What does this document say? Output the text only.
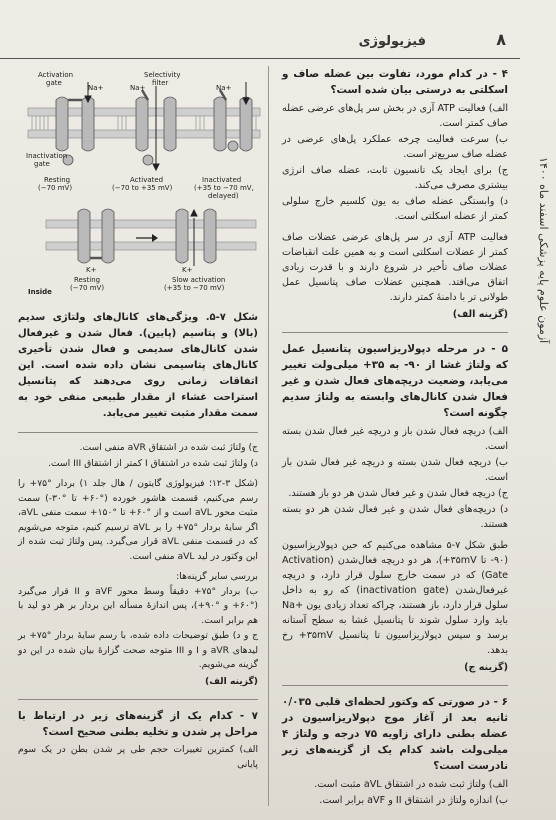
۸
فیزیولوژی
آزمون علوم پایه پزشکی اسفند ماه ۱۴۰۰
Activation gate
Na+
Selectivity filter
Na+	Na+
Inactivation gate
Resting (−70 mV)
Activated (−70 to +35 mV)
Inactivated (+35 to −70 mV, delayed)
K+	K+
Resting (−70 mV)
Slow activation (+35 to −70 mV)
Inside

۴ - در کدام مورد، تفاوت بین عضله صاف و اسکلتی به درستی بیان شده است؟

الف) فعالیت ATP آزی در بخش سر پل‌های عرضی عضله صاف کمتر است.

ب) سرعت فعالیت چرخه عملکرد پل‌های عرضی در عضله صاف سریع‌تر است.

ج) برای ایجاد یک تانسیون ثابت، عضله صاف انرژی بیشتری مصرف می‌کند.

د) وابستگی عضله صاف به یون کلسیم خارج سلولی کمتر از عضله اسکلتی است.

فعالیت ATP آزی در سر پل‌های عرضی عضلات صاف کمتر از عضلات اسکلتی است و به همین علت انقباضات عضلات صاف تأخیر در شروع دارند و با قدرت زیادی اتفاق می‌افتد. همچنین عضلات صاف پتانسیل عمل طولانی تر با دامنهٔ کمتر دارند.

(گزینه الف)

۵ - در مرحله دپولاریزاسیون پتانسیل عمل که ولتاژ غشا از ۹۰- به ۳۵+ میلی‌ولت تغییر می‌یابد، وضعیت دریچه‌های فعال شدن و غیر فعال شدن کانال‌های وابسته به ولتاژ سدیم چگونه است؟

الف) دریچه فعال شدن باز و دریچه غیر فعال شدن بسته است.

ب) دریچه فعال شدن بسته و دریچه غیر فعال شدن باز است.

ج) دریچه فعال شدن و غیر فعال شدن هر دو باز هستند.

د) دریچه‌های فعال شدن و غیر فعال شدن هر دو بسته هستند.

طبق شکل ۷-۵ مشاهده می‌کنیم که حین دپولاریزاسیون (۹۰- تا ۳۵mV+)، هر دو دریچه فعال‌شدن (Activation Gate) که در سمت خارج سلول قرار دارد، و دریچه غیرفعال‌شدن (inactivation gate) که رو به داخل سلول قرار دارد، باز هستند، چراکه تعداد زیادی یون +Na باید وارد سلول شوند تا پتانسیل غشا به سطح آستانه برسد و سپس دپولاریزاسیون تا پتانسیل ۳۵mV+ رخ بدهد.

(گزینه ج)

۶ - در صورتی که وکتور لحظه‌ای قلبی ۰/۰۳۵ ثانیه بعد از آغاز موج دپولاریزاسیون در عضله بطنی دارای زاویه ۷۵ درجه و ولتاژ ۴ میلی‌ولت باشد کدام یک از گزینه‌های زیر نادرست است؟

الف) ولتاژ ثبت شده در اشتقاق aVL مثبت است.

ب) اندازه ولتاژ در اشتقاق II و aVF برابر است.

شکل ۷-۵. ویژگی‌های کانال‌های ولتاژی سدیم (بالا) و پتاسیم (پایین). فعال شدن و غیرفعال شدن کانال‌های سدیمی و فعال شدن تأخیری کانال‌های پتاسیمی نشان داده شده است. این اتفاقات زمانی روی می‌دهند که پتانسیل استراحت غشاء از مقدار طبیعی منفی خود به سمت مقدار مثبت تغییر می‌یابد.

ج) ولتاژ ثبت شده در اشتقاق aVR منفی است.

د) ولتاژ ثبت شده در اشتقاق I کمتر از اشتقاق III است.

(شکل ۳-۱۲؛ فیزیولوژی گایتون / هال جلد ۱) بردار °۷۵+ را رسم می‌کنیم، قسمت هاشور خورده (°۶۰+ تا °۳۰-) سمت مثبت محور aVL است و از °۶۰+ تا °۱۵۰+ سمت منفی aVL، اگر سایهٔ بردار °۷۵+ را بر aVL ترسیم کنیم، متوجه می‌شویم که در قسمت منفی aVL قرار می‌گیرد. پس ولتاژ ثبت شده از این وکتور در لید aVL منفی است.

بررسی سایر گزینه‌ها:

ب) بردار °۷۵+ دقیقاً وسط محور aVF و II قرار می‌گیرد (°۶۰+ و °۹۰+)، پس اندازهٔ مسأله این بردار بر هر دو لید با هم برابر است.

ج و د) طبق توضیحات داده شده، با رسم سایهٔ بردار °۷۵+ بر لیدهای aVR و I و III متوجه صحت گزارهٔ بیان شده در این دو گزینه می‌شویم.

(گزینه الف)

۷ - کدام یک از گزینه‌های زیر در ارتباط با مراحل پر شدن و تخلیه بطنی صحیح است؟

الف) کمترین تغییرات حجم طی پر شدن بطن در یک سوم پایانی
